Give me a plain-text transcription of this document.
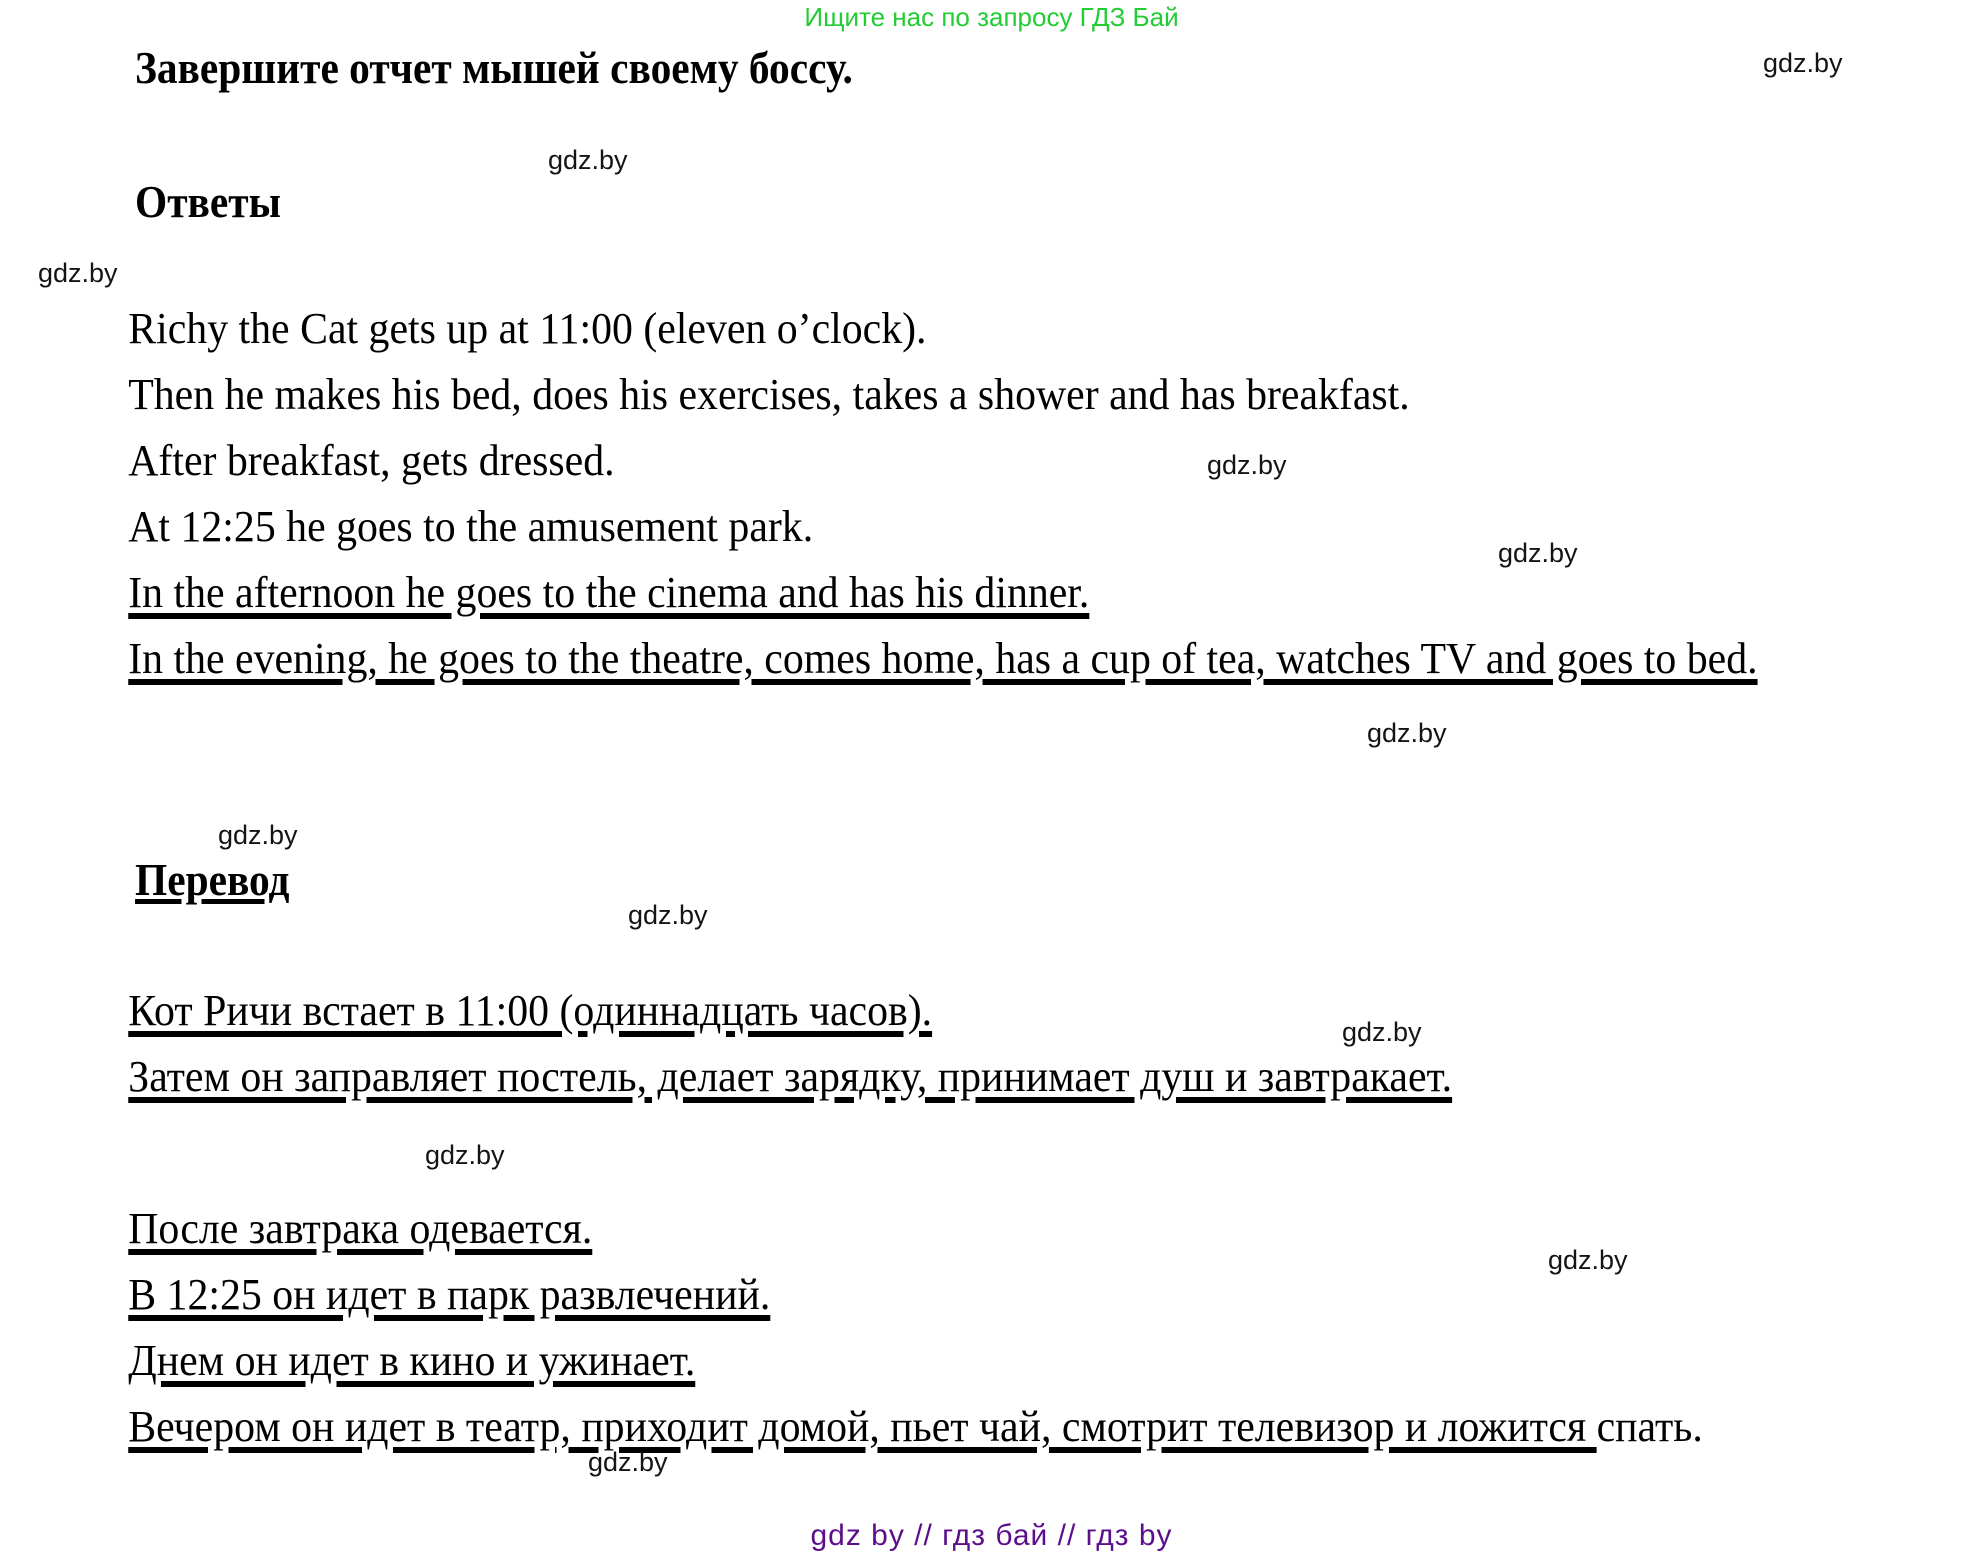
Ищите нас по запросу ГДЗ Бай
Завершите отчет мышей своему боссу.
Ответы
Richy the Cat gets up at 11:00 (eleven o’clock).
Then he makes his bed, does his exercises, takes a shower and has breakfast.
After breakfast, gets dressed.
At 12:25 he goes to the amusement park.
In the afternoon he goes to the cinema and has his dinner.
In the evening, he goes to the theatre, comes home, has a cup of tea, watches TV and goes to bed.
Перевод
Кот Ричи встает в 11:00 (одиннадцать часов).
Затем он заправляет постель, делает зарядку, принимает душ и завтракает.
После завтрака одевается.
В 12:25 он идет в парк развлечений.
Днем он идет в кино и ужинает.
Вечером он идет в театр, приходит домой, пьет чай, смотрит телевизор и ложится спать.
gdz by // гдз бай // гдз by
gdz.by
gdz.by
gdz.by
gdz.by
gdz.by
gdz.by
gdz.by
gdz.by
gdz.by
gdz.by
gdz.by
gdz.by
